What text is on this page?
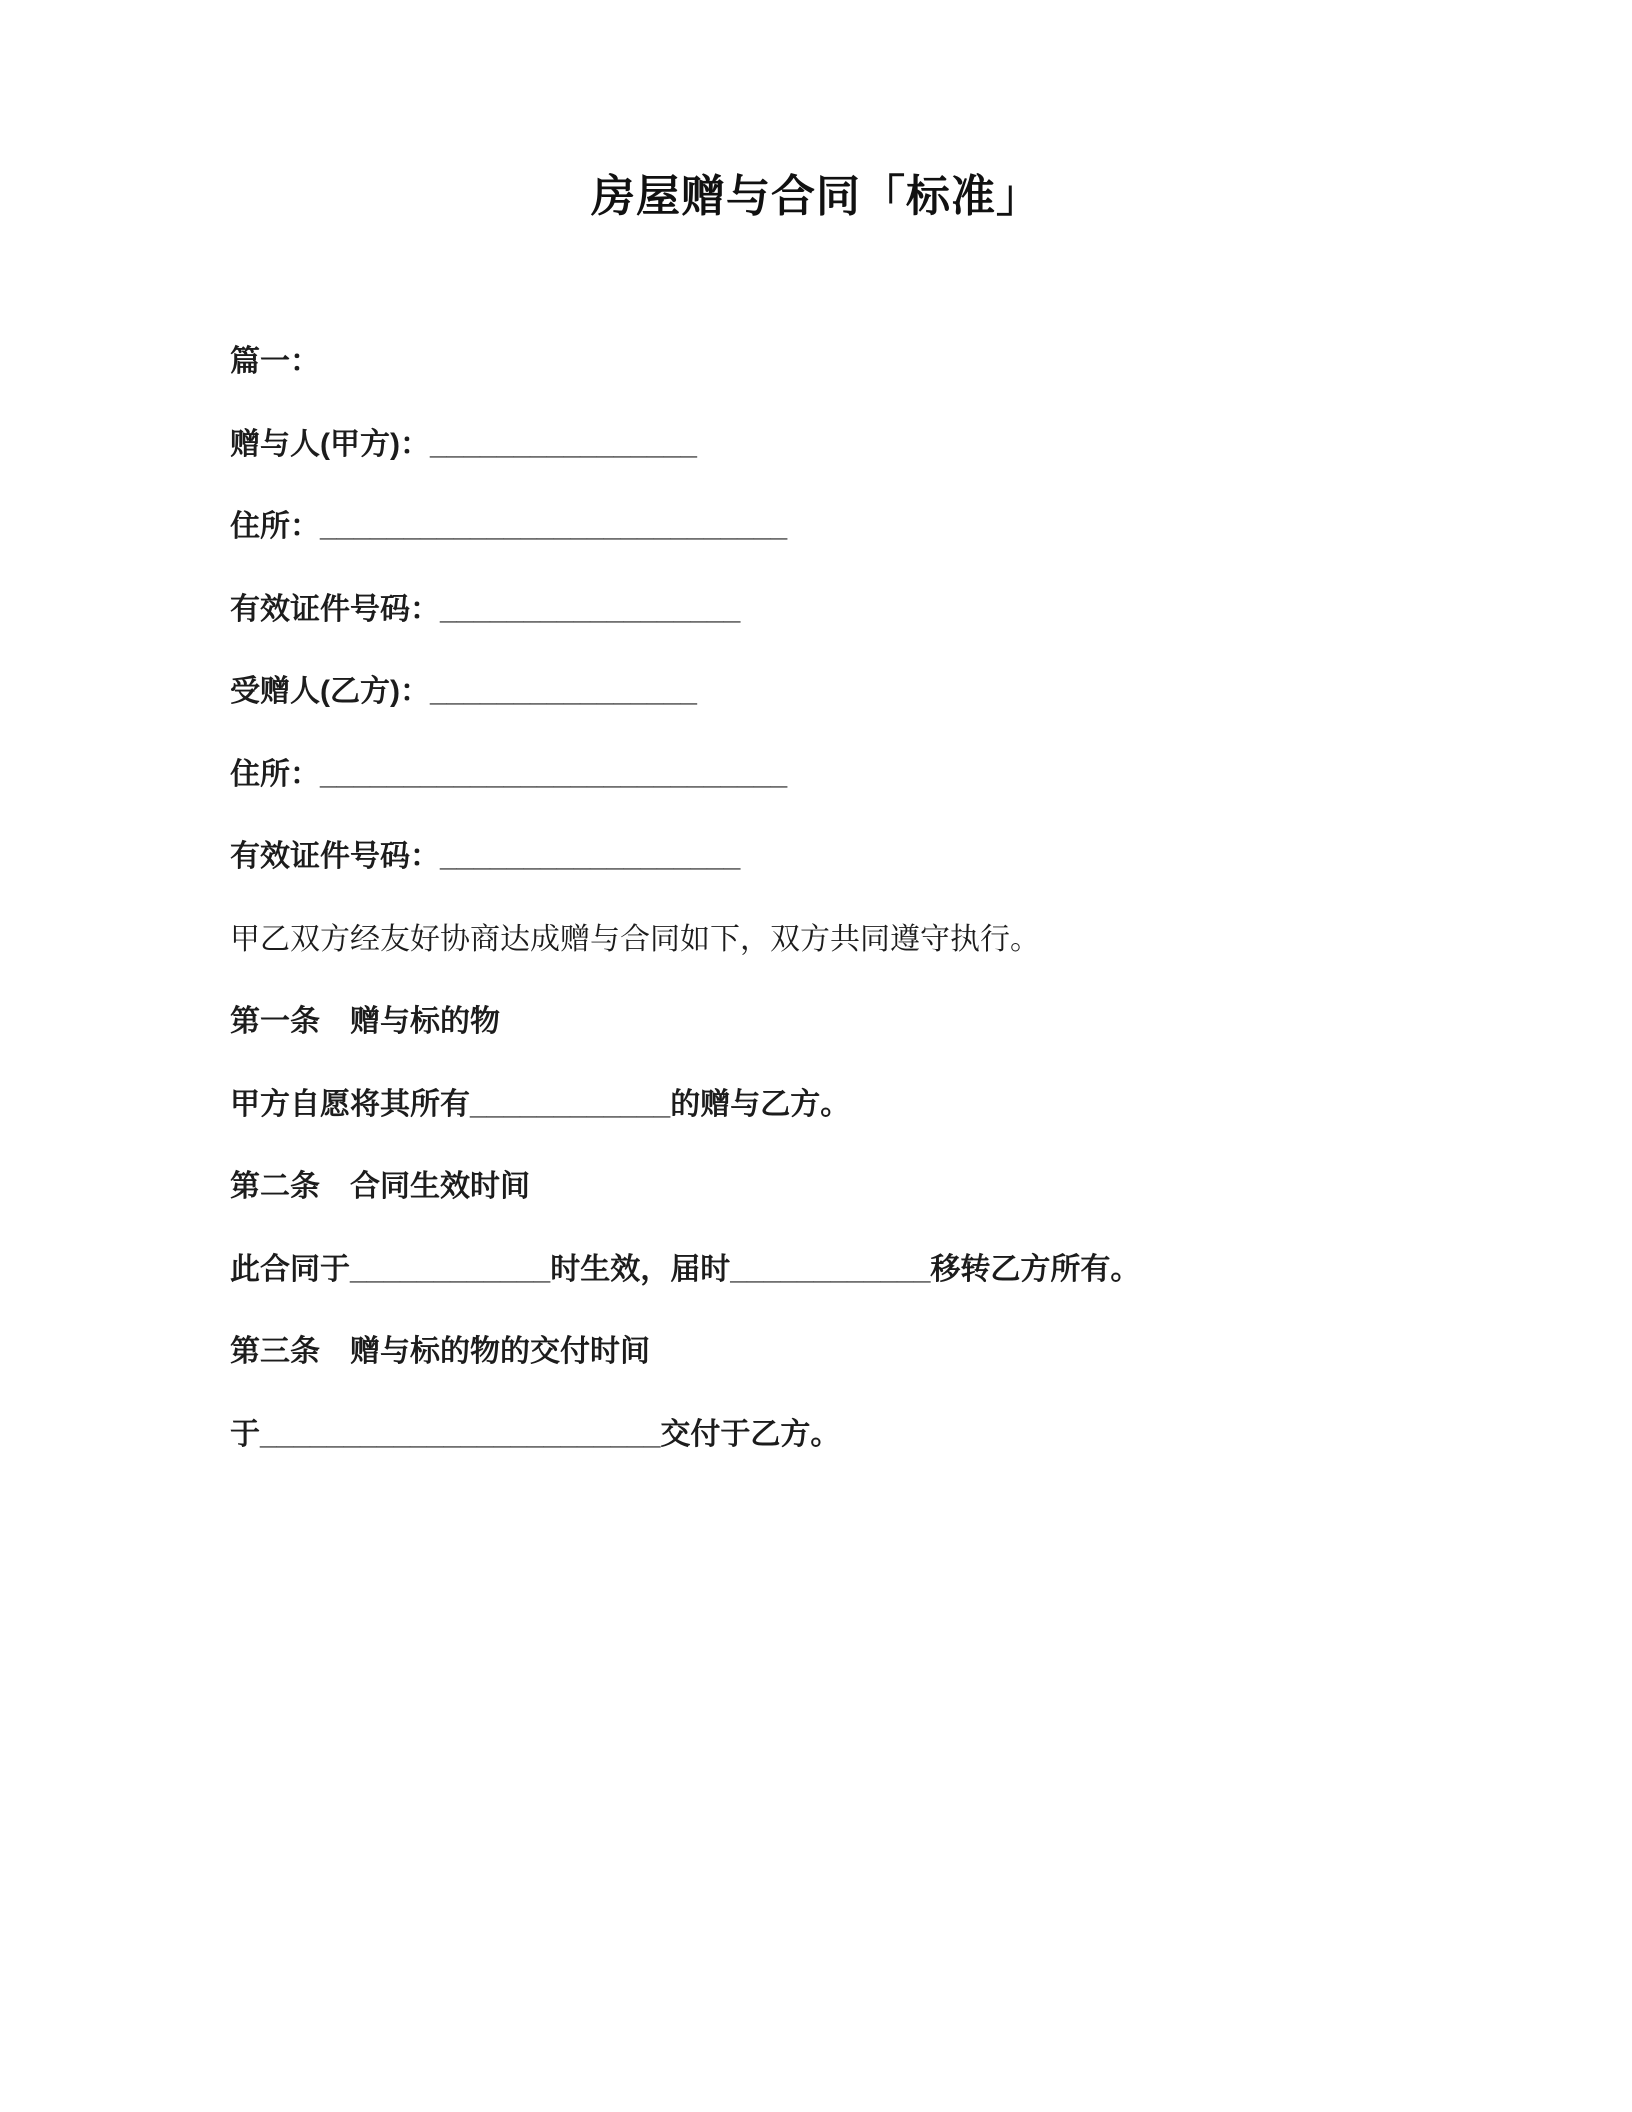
房屋赠与合同「标准」

篇一：

赠与人(甲方)：________________

住所：____________________________

有效证件号码：__________________

受赠人(乙方)：________________

住所：____________________________

有效证件号码：__________________

甲乙双方经友好协商达成赠与合同如下，双方共同遵守执行。

第一条　赠与标的物

甲方自愿将其所有____________的赠与乙方。

第二条　合同生效时间

此合同于____________时生效，届时____________移转乙方所有。

第三条　赠与标的物的交付时间

于________________________交付于乙方。
